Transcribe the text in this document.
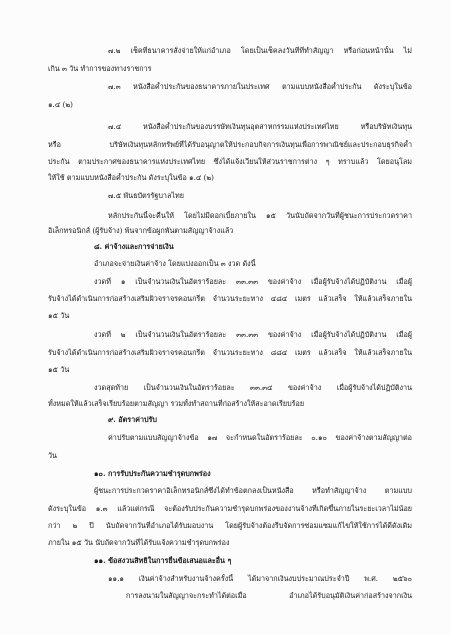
๗.๒ เช็คที่ธนาคารสั่งจ่ายให้แก่อำเภอ โดยเป็นเช็คลงวันที่ที่ทำสัญญา หรือก่อนหน้านั้น ไม่
เกิน ๓ วัน ทำการของทางราชการ
๗.๓ หนังสือค้ำประกันของธนาคารภายในประเทศ ตามแบบหนังสือค้ำประกัน ดังระบุในข้อ
๑.๔ (๒)
๗.๔ หนังสือค้ำประกันของบรรษัทเงินทุนอุตสาหกรรมแห่งประเทศไทย หรือบริษัทเงินทุน
หรือ บริษัทเงินทุนหลักทรัพย์ที่ได้รับอนุญาตให้ประกอบกิจการเงินทุนเพื่อการพาณิชย์และประกอบธุรกิจค้ำ
ประกัน ตามประกาศของธนาคารแห่งประเทศไทย ซึ่งได้แจ้งเวียนให้ส่วนราชการต่าง ๆ ทราบแล้ว โดยอนุโลม
ให้ใช้ ตามแบบหนังสือค้ำประกัน ดังระบุในข้อ ๑.๔ (๒)
๗.๕ พันธบัตรรัฐบาลไทย
หลักประกันนี้จะคืนให้ โดยไม่มีดอกเบี้ยภายใน ๑๕ วันนับถัดจากวันที่ผู้ชนะการประกวดราคา
อิเล็กทรอนิกส์ (ผู้รับจ้าง) พ้นจากข้อผูกพันตามสัญญาจ้างแล้ว
๘. ค่าจ้างและการจ่ายเงิน
อำเภอจะจ่ายเงินค่าจ้าง โดยแบ่งออกเป็น ๓ งวด ดังนี้
งวดที่ ๑ เป็นจำนวนเงินในอัตราร้อยละ ๓๓.๓๓ ของค่าจ้าง เมื่อผู้รับจ้างได้ปฏิบัติงาน เมื่อผู้
รับจ้างได้ดำเนินการก่อสร้างเสริมผิวจราจรคอนกรีต จำนวนระยะทาง ๔๘๔ เมตร แล้วเสร็จ ให้แล้วเสร็จภายใน
๑๕ วัน
งวดที่ ๒ เป็นจำนวนเงินในอัตราร้อยละ ๓๓.๓๓ ของค่าจ้าง เมื่อผู้รับจ้างได้ปฏิบัติงาน เมื่อผู้
รับจ้างได้ดำเนินการก่อสร้างเสริมผิวจราจรคอนกรีต จำนวนระยะทาง ๘๘๔ เมตร แล้วเสร็จ ให้แล้วเสร็จภายใน
๑๕ วัน
งวดสุดท้าย เป็นจำนวนเงินในอัตราร้อยละ ๓๓.๓๔ ของค่าจ้าง เมื่อผู้รับจ้างได้ปฏิบัติงาน
ทั้งหมดให้แล้วเสร็จเรียบร้อยตามสัญญา รวมทั้งทำสถานที่ก่อสร้างให้สะอาดเรียบร้อย
๙. อัตราค่าปรับ
ค่าปรับตามแบบสัญญาจ้างข้อ ๑๗ จะกำหนดในอัตราร้อยละ ๐.๑๐ ของค่าจ้างตามสัญญาต่อ
วัน
๑๐. การรับประกันความชำรุดบกพร่อง
ผู้ชนะการประกวดราคาอิเล็กทรอนิกส์ซึ่งได้ทำข้อตกลงเป็นหนังสือ หรือทำสัญญาจ้าง ตามแบบ
ดังระบุในข้อ ๑.๓ แล้วแต่กรณี จะต้องรับประกันความชำรุดบกพร่องของงานจ้างที่เกิดขึ้นภายในระยะเวลาไม่น้อย
กว่า ๒ ปี นับถัดจากวันที่อำเภอได้รับมอบงาน โดยผู้รับจ้างต้องรีบจัดการซ่อมแซมแก้ไขให้ใช้การได้ดีดังเดิม
ภายใน ๑๕ วัน นับถัดจากวันที่ได้รับแจ้งความชำรุดบกพร่อง
๑๑. ข้อสงวนสิทธิในการยื่นข้อเสนอและอื่น ๆ
๑๑.๑ เงินค่าจ้างสำหรับงานจ้างครั้งนี้ ได้มาจากเงินงบประมาณประจำปี พ.ศ. ๒๕๖๐
การลงนามในสัญญาจะกระทำได้ต่อเมื่อ อำเภอได้รับอนุมัติเงินค่าก่อสร้างจากเงิน
